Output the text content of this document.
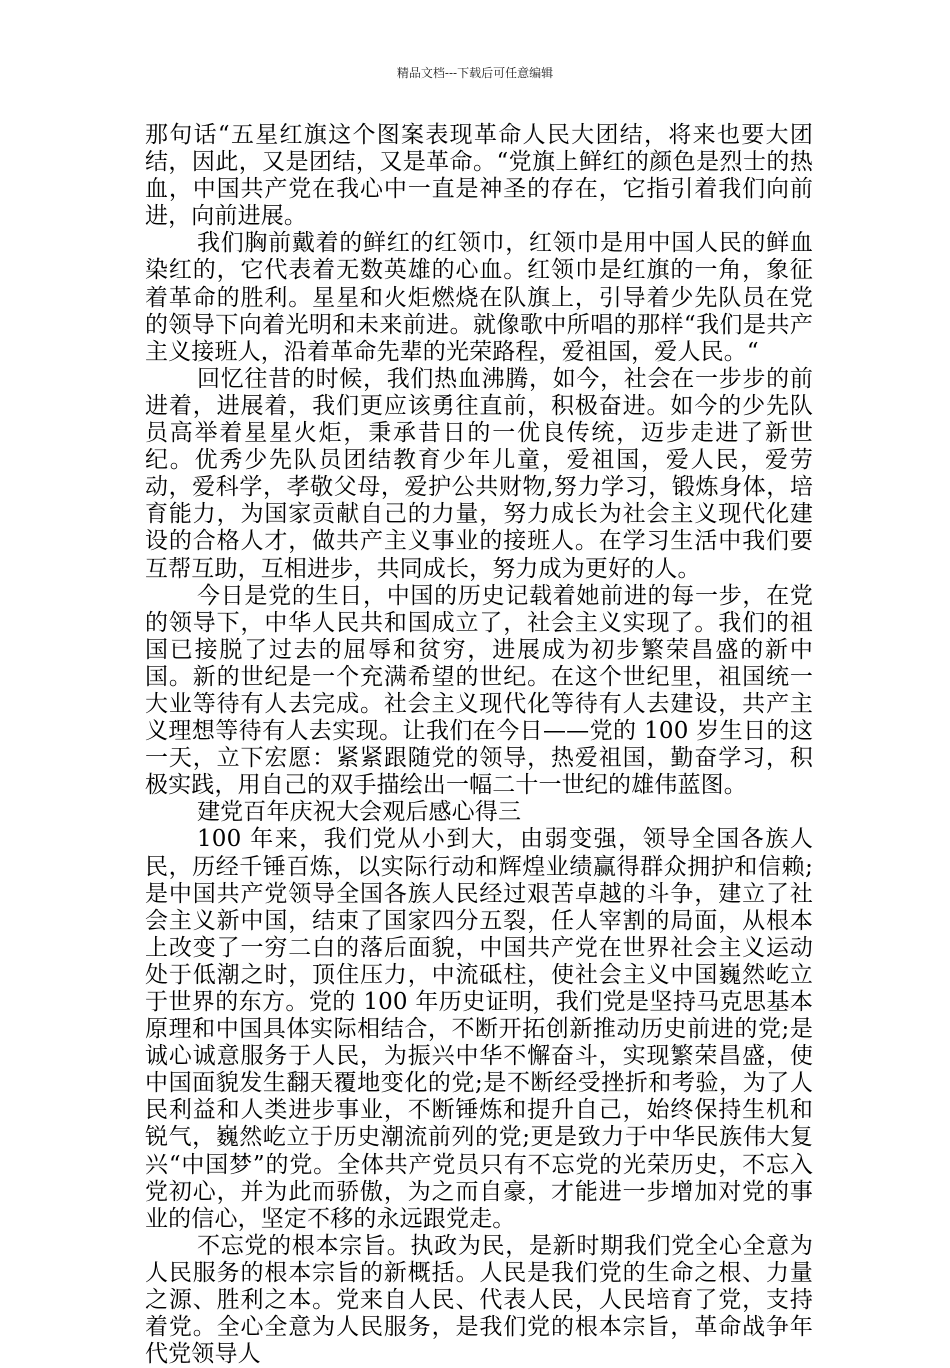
精品文档---下载后可任意编辑

那句话“五星红旗这个图案表现革命人民大团结，将来也要大团结，因此，又是团结，又是革命。“党旗上鲜红的颜色是烈士的热血，中国共产党在我心中一直是神圣的存在，它指引着我们向前进，向前进展。

我们胸前戴着的鲜红的红领巾，红领巾是用中国人民的鲜血染红的，它代表着无数英雄的心血。红领巾是红旗的一角，象征着革命的胜利。星星和火炬燃烧在队旗上，引导着少先队员在党的领导下向着光明和未来前进。就像歌中所唱的那样“我们是共产主义接班人，沿着革命先辈的光荣路程，爱祖国，爱人民。“

回忆往昔的时候，我们热血沸腾，如今，社会在一步步的前进着，进展着，我们更应该勇往直前，积极奋进。如今的少先队员高举着星星火炬，秉承昔日的一优良传统，迈步走进了新世纪。优秀少先队员团结教育少年儿童，爱祖国，爱人民，爱劳动，爱科学，孝敬父母，爱护公共财物,努力学习，锻炼身体，培育能力，为国家贡献自己的力量，努力成长为社会主义现代化建设的合格人才，做共产主义事业的接班人。在学习生活中我们要互帮互助，互相进步，共同成长，努力成为更好的人。

今日是党的生日，中国的历史记载着她前进的每一步，在党的领导下，中华人民共和国成立了，社会主义实现了。我们的祖国已接脱了过去的屈辱和贫穷，进展成为初步繁荣昌盛的新中国。新的世纪是一个充满希望的世纪。在这个世纪里，祖国统一大业等待有人去完成。社会主义现代化等待有人去建设，共产主义理想等待有人去实现。让我们在今日——党的 100 岁生日的这一天，立下宏愿：紧紧跟随党的领导，热爱祖国，勤奋学习，积极实践，用自己的双手描绘出一幅二十一世纪的雄伟蓝图。

建党百年庆祝大会观后感心得三

100 年来，我们党从小到大，由弱变强，领导全国各族人民，历经千锤百炼，以实际行动和辉煌业绩赢得群众拥护和信赖;是中国共产党领导全国各族人民经过艰苦卓越的斗争，建立了社会主义新中国，结束了国家四分五裂，任人宰割的局面，从根本上改变了一穷二白的落后面貌，中国共产党在世界社会主义运动处于低潮之时，顶住压力，中流砥柱，使社会主义中国巍然屹立于世界的东方。党的 100 年历史证明，我们党是坚持马克思基本原理和中国具体实际相结合，不断开拓创新推动历史前进的党;是诚心诚意服务于人民，为振兴中华不懈奋斗，实现繁荣昌盛，使中国面貌发生翻天覆地变化的党;是不断经受挫折和考验，为了人民利益和人类进步事业，不断锤炼和提升自己，始终保持生机和锐气，巍然屹立于历史潮流前列的党;更是致力于中华民族伟大复兴“中国梦”的党。全体共产党员只有不忘党的光荣历史，不忘入党初心，并为此而骄傲，为之而自豪，才能进一步增加对党的事业的信心，坚定不移的永远跟党走。

不忘党的根本宗旨。执政为民，是新时期我们党全心全意为人民服务的根本宗旨的新概括。人民是我们党的生命之根、力量之源、胜利之本。党来自人民、代表人民，人民培育了党，支持着党。全心全意为人民服务，是我们党的根本宗旨，革命战争年代党领导人
